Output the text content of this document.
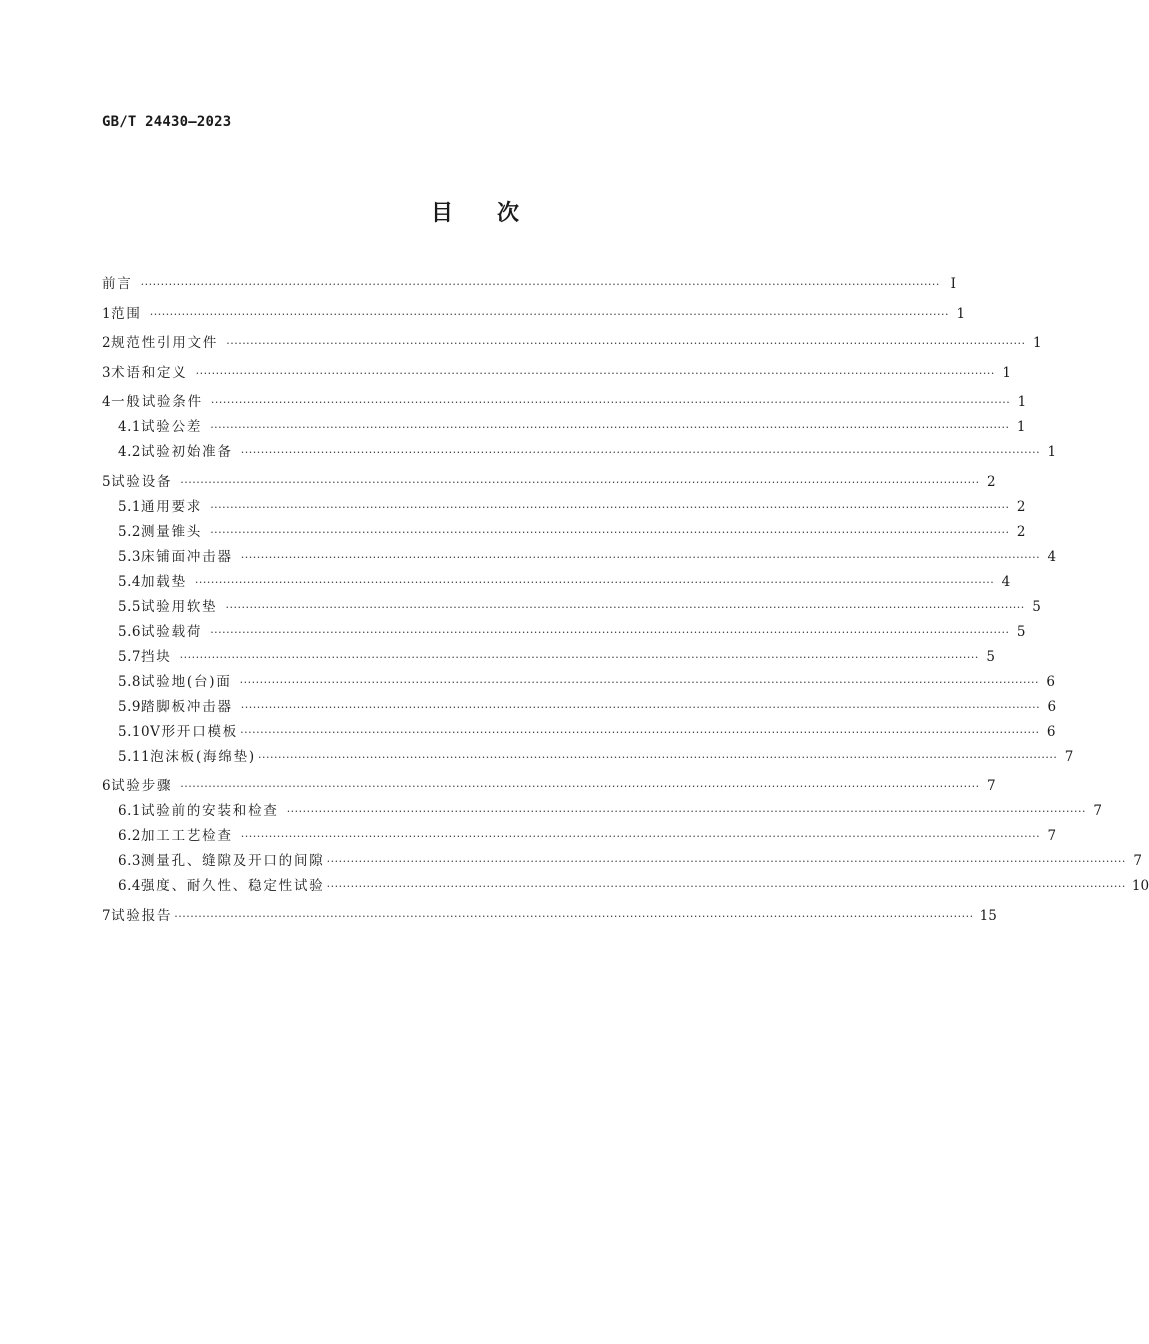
GB/T 24430—2023
目次
前言 ········································································································································································································ Ⅰ
1 范围 ········································································································································································································ 1
2 规范性引用文件 ········································································································································································································ 1
3 术语和定义 ········································································································································································································ 1
4 一般试验条件 ········································································································································································································ 1
4.1 试验公差 ········································································································································································································ 1
4.2 试验初始准备 ········································································································································································································ 1
5 试验设备 ········································································································································································································ 2
5.1 通用要求 ········································································································································································································ 2
5.2 测量锥头 ········································································································································································································ 2
5.3 床铺面冲击器 ········································································································································································································ 4
5.4 加载垫 ········································································································································································································ 4
5.5 试验用软垫 ········································································································································································································ 5
5.6 试验载荷 ········································································································································································································ 5
5.7 挡块 ········································································································································································································ 5
5.8 试验地(台)面 ········································································································································································································ 6
5.9 踏脚板冲击器 ········································································································································································································ 6
5.10 V形开口模板 ········································································································································································································ 6
5.11 泡沫板(海绵垫) ········································································································································································································ 7
6 试验步骤 ········································································································································································································ 7
6.1 试验前的安装和检查 ········································································································································································································ 7
6.2 加工工艺检查 ········································································································································································································ 7
6.3 测量孔、缝隙及开口的间隙 ········································································································································································································ 7
6.4 强度、耐久性、稳定性试验 ········································································································································································································ 10
7 试验报告 ········································································································································································································ 15
